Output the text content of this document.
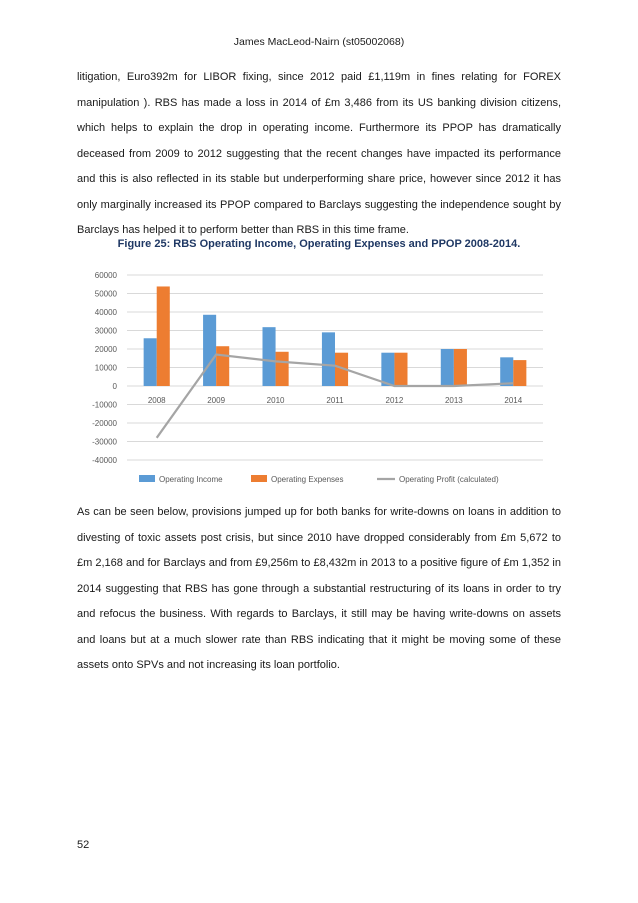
James MacLeod-Nairn (st05002068)

litigation, Euro392m for LIBOR fixing, since 2012 paid £1,119m in fines relating for FOREX manipulation ). RBS has made a loss in 2014 of £m 3,486 from its US banking division citizens, which helps to explain the drop in operating income. Furthermore its PPOP has dramatically deceased from 2009 to 2012 suggesting that the recent changes have impacted its performance and this is also reflected in its stable but underperforming share price, however since 2012 it has only marginally increased its PPOP compared to Barclays suggesting the independence sought by Barclays has helped it to perform better than RBS in this time frame.

Figure 25: RBS Operating Income, Operating Expenses and PPOP 2008-2014.
60000
50000
40000
30000
20000
10000
0
-10000
-20000
-30000
-40000
2008	2009	2010	2011	2012	2013	2014
Operating Income	Operating Expenses	Operating Profit (calculated)

As can be seen below, provisions jumped up for both banks for write-downs on loans in addition to divesting of toxic assets post crisis, but since 2010 have dropped considerably from £m 5,672 to £m 2,168 and for Barclays and from £9,256m to £8,432m in 2013 to a positive figure of £m 1,352 in 2014 suggesting that RBS has gone through a substantial restructuring of its loans in order to try and refocus the business. With regards to Barclays, it still may be having write-downs on assets and loans but at a much slower rate than RBS indicating that it might be moving some of these assets onto SPVs and not increasing its loan portfolio.

52
